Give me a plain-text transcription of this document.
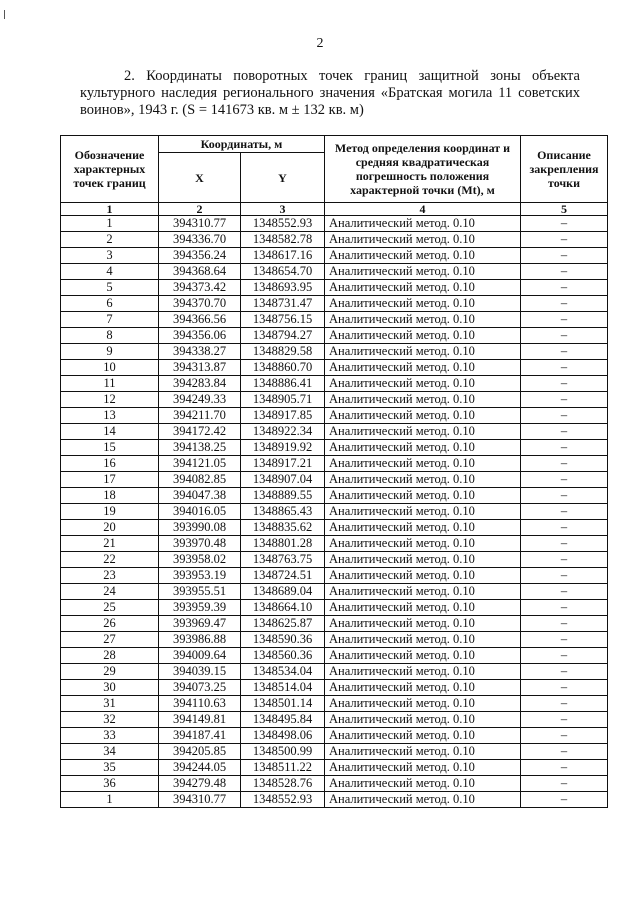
2
2. Координаты поворотных точек границ защитной зоны объекта культурного наследия регионального значения «Братская могила 11 советских воинов», 1943 г. (S = 141673 кв. м ± 132 кв. м)
Обозначение характерных точек границ	Координаты, м		Метод определения координат и средняя квадратическая погрешность положения характерной точки (Mt), м	Описание закрепления точки
	X	Y		
1	2	3	4	5
1	394310.77	1348552.93	Аналитический метод. 0.10	–
2	394336.70	1348582.78	Аналитический метод. 0.10	–
3	394356.24	1348617.16	Аналитический метод. 0.10	–
4	394368.64	1348654.70	Аналитический метод. 0.10	–
5	394373.42	1348693.95	Аналитический метод. 0.10	–
6	394370.70	1348731.47	Аналитический метод. 0.10	–
7	394366.56	1348756.15	Аналитический метод. 0.10	–
8	394356.06	1348794.27	Аналитический метод. 0.10	–
9	394338.27	1348829.58	Аналитический метод. 0.10	–
10	394313.87	1348860.70	Аналитический метод. 0.10	–
11	394283.84	1348886.41	Аналитический метод. 0.10	–
12	394249.33	1348905.71	Аналитический метод. 0.10	–
13	394211.70	1348917.85	Аналитический метод. 0.10	–
14	394172.42	1348922.34	Аналитический метод. 0.10	–
15	394138.25	1348919.92	Аналитический метод. 0.10	–
16	394121.05	1348917.21	Аналитический метод. 0.10	–
17	394082.85	1348907.04	Аналитический метод. 0.10	–
18	394047.38	1348889.55	Аналитический метод. 0.10	–
19	394016.05	1348865.43	Аналитический метод. 0.10	–
20	393990.08	1348835.62	Аналитический метод. 0.10	–
21	393970.48	1348801.28	Аналитический метод. 0.10	–
22	393958.02	1348763.75	Аналитический метод. 0.10	–
23	393953.19	1348724.51	Аналитический метод. 0.10	–
24	393955.51	1348689.04	Аналитический метод. 0.10	–
25	393959.39	1348664.10	Аналитический метод. 0.10	–
26	393969.47	1348625.87	Аналитический метод. 0.10	–
27	393986.88	1348590.36	Аналитический метод. 0.10	–
28	394009.64	1348560.36	Аналитический метод. 0.10	–
29	394039.15	1348534.04	Аналитический метод. 0.10	–
30	394073.25	1348514.04	Аналитический метод. 0.10	–
31	394110.63	1348501.14	Аналитический метод. 0.10	–
32	394149.81	1348495.84	Аналитический метод. 0.10	–
33	394187.41	1348498.06	Аналитический метод. 0.10	–
34	394205.85	1348500.99	Аналитический метод. 0.10	–
35	394244.05	1348511.22	Аналитический метод. 0.10	–
36	394279.48	1348528.76	Аналитический метод. 0.10	–
1	394310.77	1348552.93	Аналитический метод. 0.10	–
